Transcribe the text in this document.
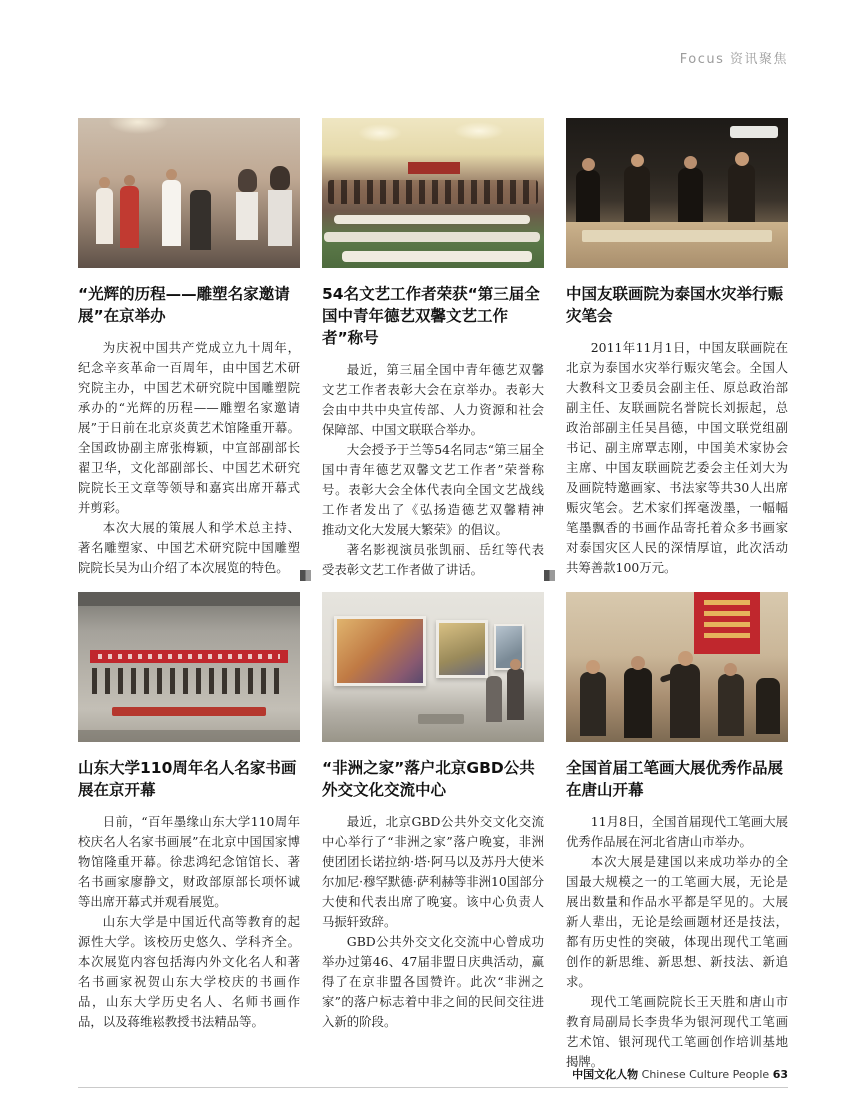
Focus 资讯聚焦
“光辉的历程——雕塑名家邀请展”在京举办

为庆祝中国共产党成立九十周年，纪念辛亥革命一百周年，由中国艺术研究院主办，中国艺术研究院中国雕塑院承办的“光辉的历程——雕塑名家邀请展”于日前在北京炎黄艺术馆隆重开幕。全国政协副主席张梅颖，中宣部副部长翟卫华，文化部副部长、中国艺术研究院院长王文章等领导和嘉宾出席开幕式并剪彩。

本次大展的策展人和学术总主持、著名雕塑家、中国艺术研究院中国雕塑院院长吴为山介绍了本次展览的特色。

54名文艺工作者荣获“第三届全国中青年德艺双馨文艺工作者”称号

最近，第三届全国中青年德艺双馨文艺工作者表彰大会在京举办。表彰大会由中共中央宣传部、人力资源和社会保障部、中国文联联合举办。

大会授予于兰等54名同志“第三届全国中青年德艺双馨文艺工作者”荣誉称号。表彰大会全体代表向全国文艺战线工作者发出了《弘扬造德艺双馨精神　推动文化大发展大繁荣》的倡议。

著名影视演员张凯丽、岳红等代表受表彰文艺工作者做了讲话。

中国友联画院为泰国水灾举行赈灾笔会

2011年11月1日，中国友联画院在北京为泰国水灾举行赈灾笔会。全国人大教科文卫委员会副主任、原总政治部副主任、友联画院名誉院长刘振起，总政治部副主任吴昌德，中国文联党组副书记、副主席覃志刚，中国美术家协会主席、中国友联画院艺委会主任刘大为及画院特邀画家、书法家等共30人出席赈灾笔会。艺术家们挥毫泼墨，一幅幅笔墨飘香的书画作品寄托着众多书画家对泰国灾区人民的深情厚谊，此次活动共筹善款100万元。

山东大学110周年名人名家书画展在京开幕

日前，“百年墨缘山东大学110周年校庆名人名家书画展”在北京中国国家博物馆隆重开幕。徐悲鸿纪念馆馆长、著名书画家廖静文，财政部原部长项怀诚等出席开幕式并观看展览。

山东大学是中国近代高等教育的起源性大学。该校历史悠久、学科齐全。本次展览内容包括海内外文化名人和著名书画家祝贺山东大学校庆的书画作品，山东大学历史名人、名师书画作品，以及蒋维崧教授书法精品等。

“非洲之家”落户北京GBD公共外交文化交流中心

最近，北京GBD公共外交文化交流中心举行了“非洲之家”落户晚宴，非洲使团团长诺拉纳·塔·阿马以及苏丹大使米尔加尼·穆罕默德·萨利赫等非洲10国部分大使和代表出席了晚宴。该中心负责人马振轩致辞。

GBD公共外交文化交流中心曾成功举办过第46、47届非盟日庆典活动，赢得了在京非盟各国赞许。此次“非洲之家”的落户标志着中非之间的民间交往进入新的阶段。

全国首届工笔画大展优秀作品展在唐山开幕

11月8日，全国首届现代工笔画大展优秀作品展在河北省唐山市举办。

本次大展是建国以来成功举办的全国最大规模之一的工笔画大展，无论是展出数量和作品水平都是罕见的。大展新人辈出，无论是绘画题材还是技法，都有历史性的突破，体现出现代工笔画创作的新思维、新思想、新技法、新追求。

现代工笔画院院长王天胜和唐山市教育局副局长李贵华为银河现代工笔画艺术馆、银河现代工笔画创作培训基地揭牌。

中国文化人物 Chinese Culture People 63
